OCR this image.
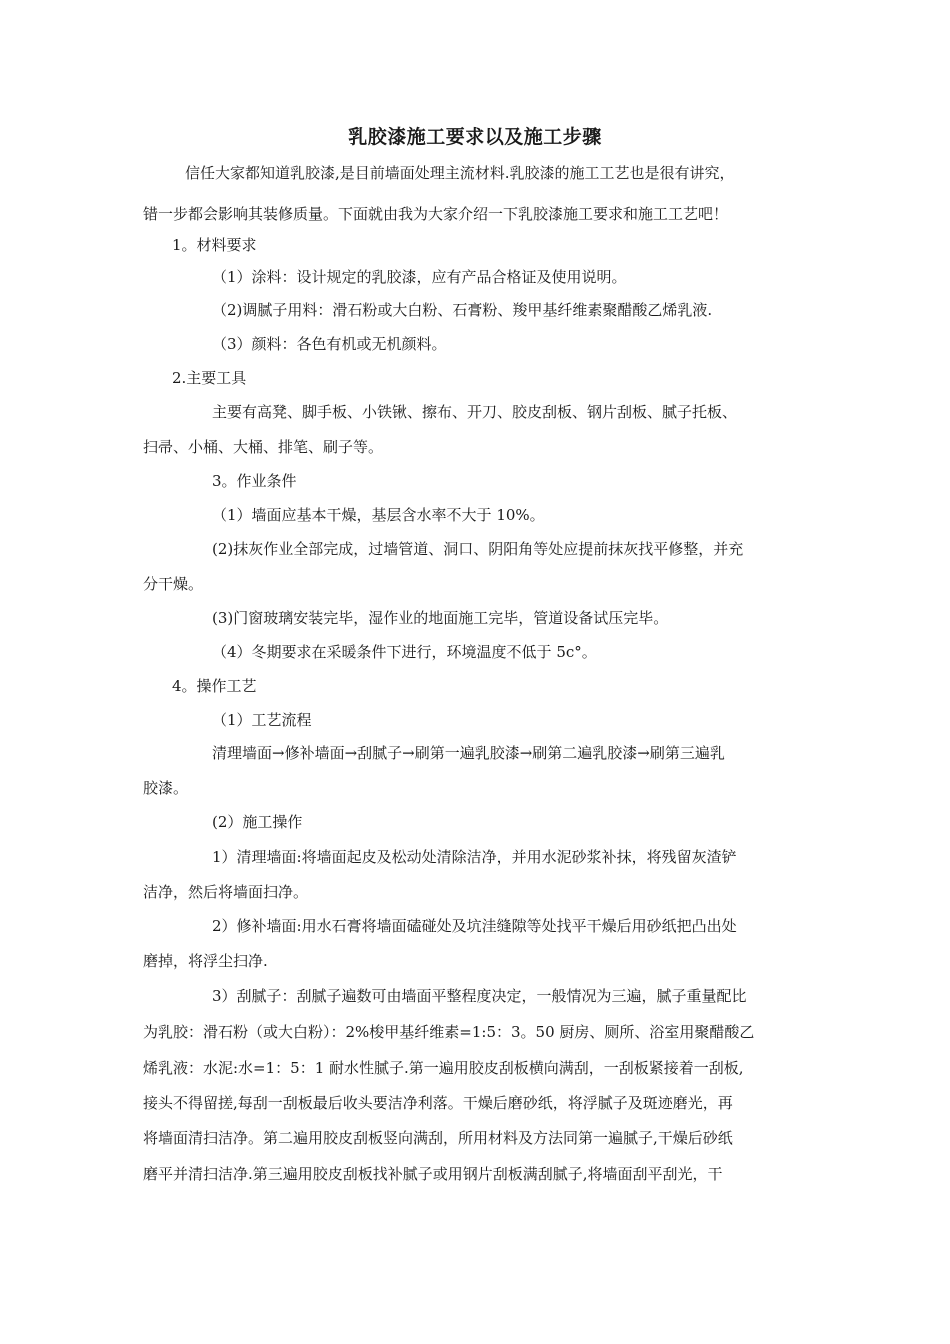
乳胶漆施工要求以及施工步骤
信任大家都知道乳胶漆,是目前墙面处理主流材料.乳胶漆的施工工艺也是很有讲究，
错一步都会影响其装修质量。下面就由我为大家介绍一下乳胶漆施工要求和施工工艺吧！
1。材料要求
（1）涂料：设计规定的乳胶漆，应有产品合格证及使用说明。
（2)调腻子用料：滑石粉或大白粉、石膏粉、羧甲基纤维素聚醋酸乙烯乳液.
（3）颜料：各色有机或无机颜料。
2.主要工具
主要有高凳、脚手板、小铁锹、擦布、开刀、胶皮刮板、钢片刮板、腻子托板、
扫帚、小桶、大桶、排笔、刷子等。
3。作业条件
（1）墙面应基本干燥，基层含水率不大于 10%。
(2)抹灰作业全部完成，过墙管道、洞口、阴阳角等处应提前抹灰找平修整，并充
分干燥。
(3)门窗玻璃安装完毕，湿作业的地面施工完毕，管道设备试压完毕。
（4）冬期要求在采暖条件下进行，环境温度不低于 5c°。
4。操作工艺
（1）工艺流程
清理墙面→修补墙面→刮腻子→刷第一遍乳胶漆→刷第二遍乳胶漆→刷第三遍乳
胶漆。
(2）施工操作
1）清理墙面:将墙面起皮及松动处清除洁净，并用水泥砂浆补抹，将残留灰渣铲
洁净，然后将墙面扫净。
2）修补墙面:用水石膏将墙面磕碰处及坑洼缝隙等处找平干燥后用砂纸把凸出处
磨掉，将浮尘扫净.
3）刮腻子：刮腻子遍数可由墙面平整程度决定，一般情况为三遍，腻子重量配比
为乳胶：滑石粉（或大白粉）：2%梭甲基纤维素=1:5：3。50 厨房、厕所、浴室用聚醋酸乙
烯乳液：水泥:水=1：5：1 耐水性腻子.第一遍用胶皮刮板横向满刮，一刮板紧接着一刮板,
接头不得留搓,每刮一刮板最后收头要洁净利落。干燥后磨砂纸，将浮腻子及斑迹磨光，再
将墙面清扫洁净。第二遍用胶皮刮板竖向满刮，所用材料及方法同第一遍腻子,干燥后砂纸
磨平并清扫洁净.第三遍用胶皮刮板找补腻子或用钢片刮板满刮腻子,将墙面刮平刮光，干
